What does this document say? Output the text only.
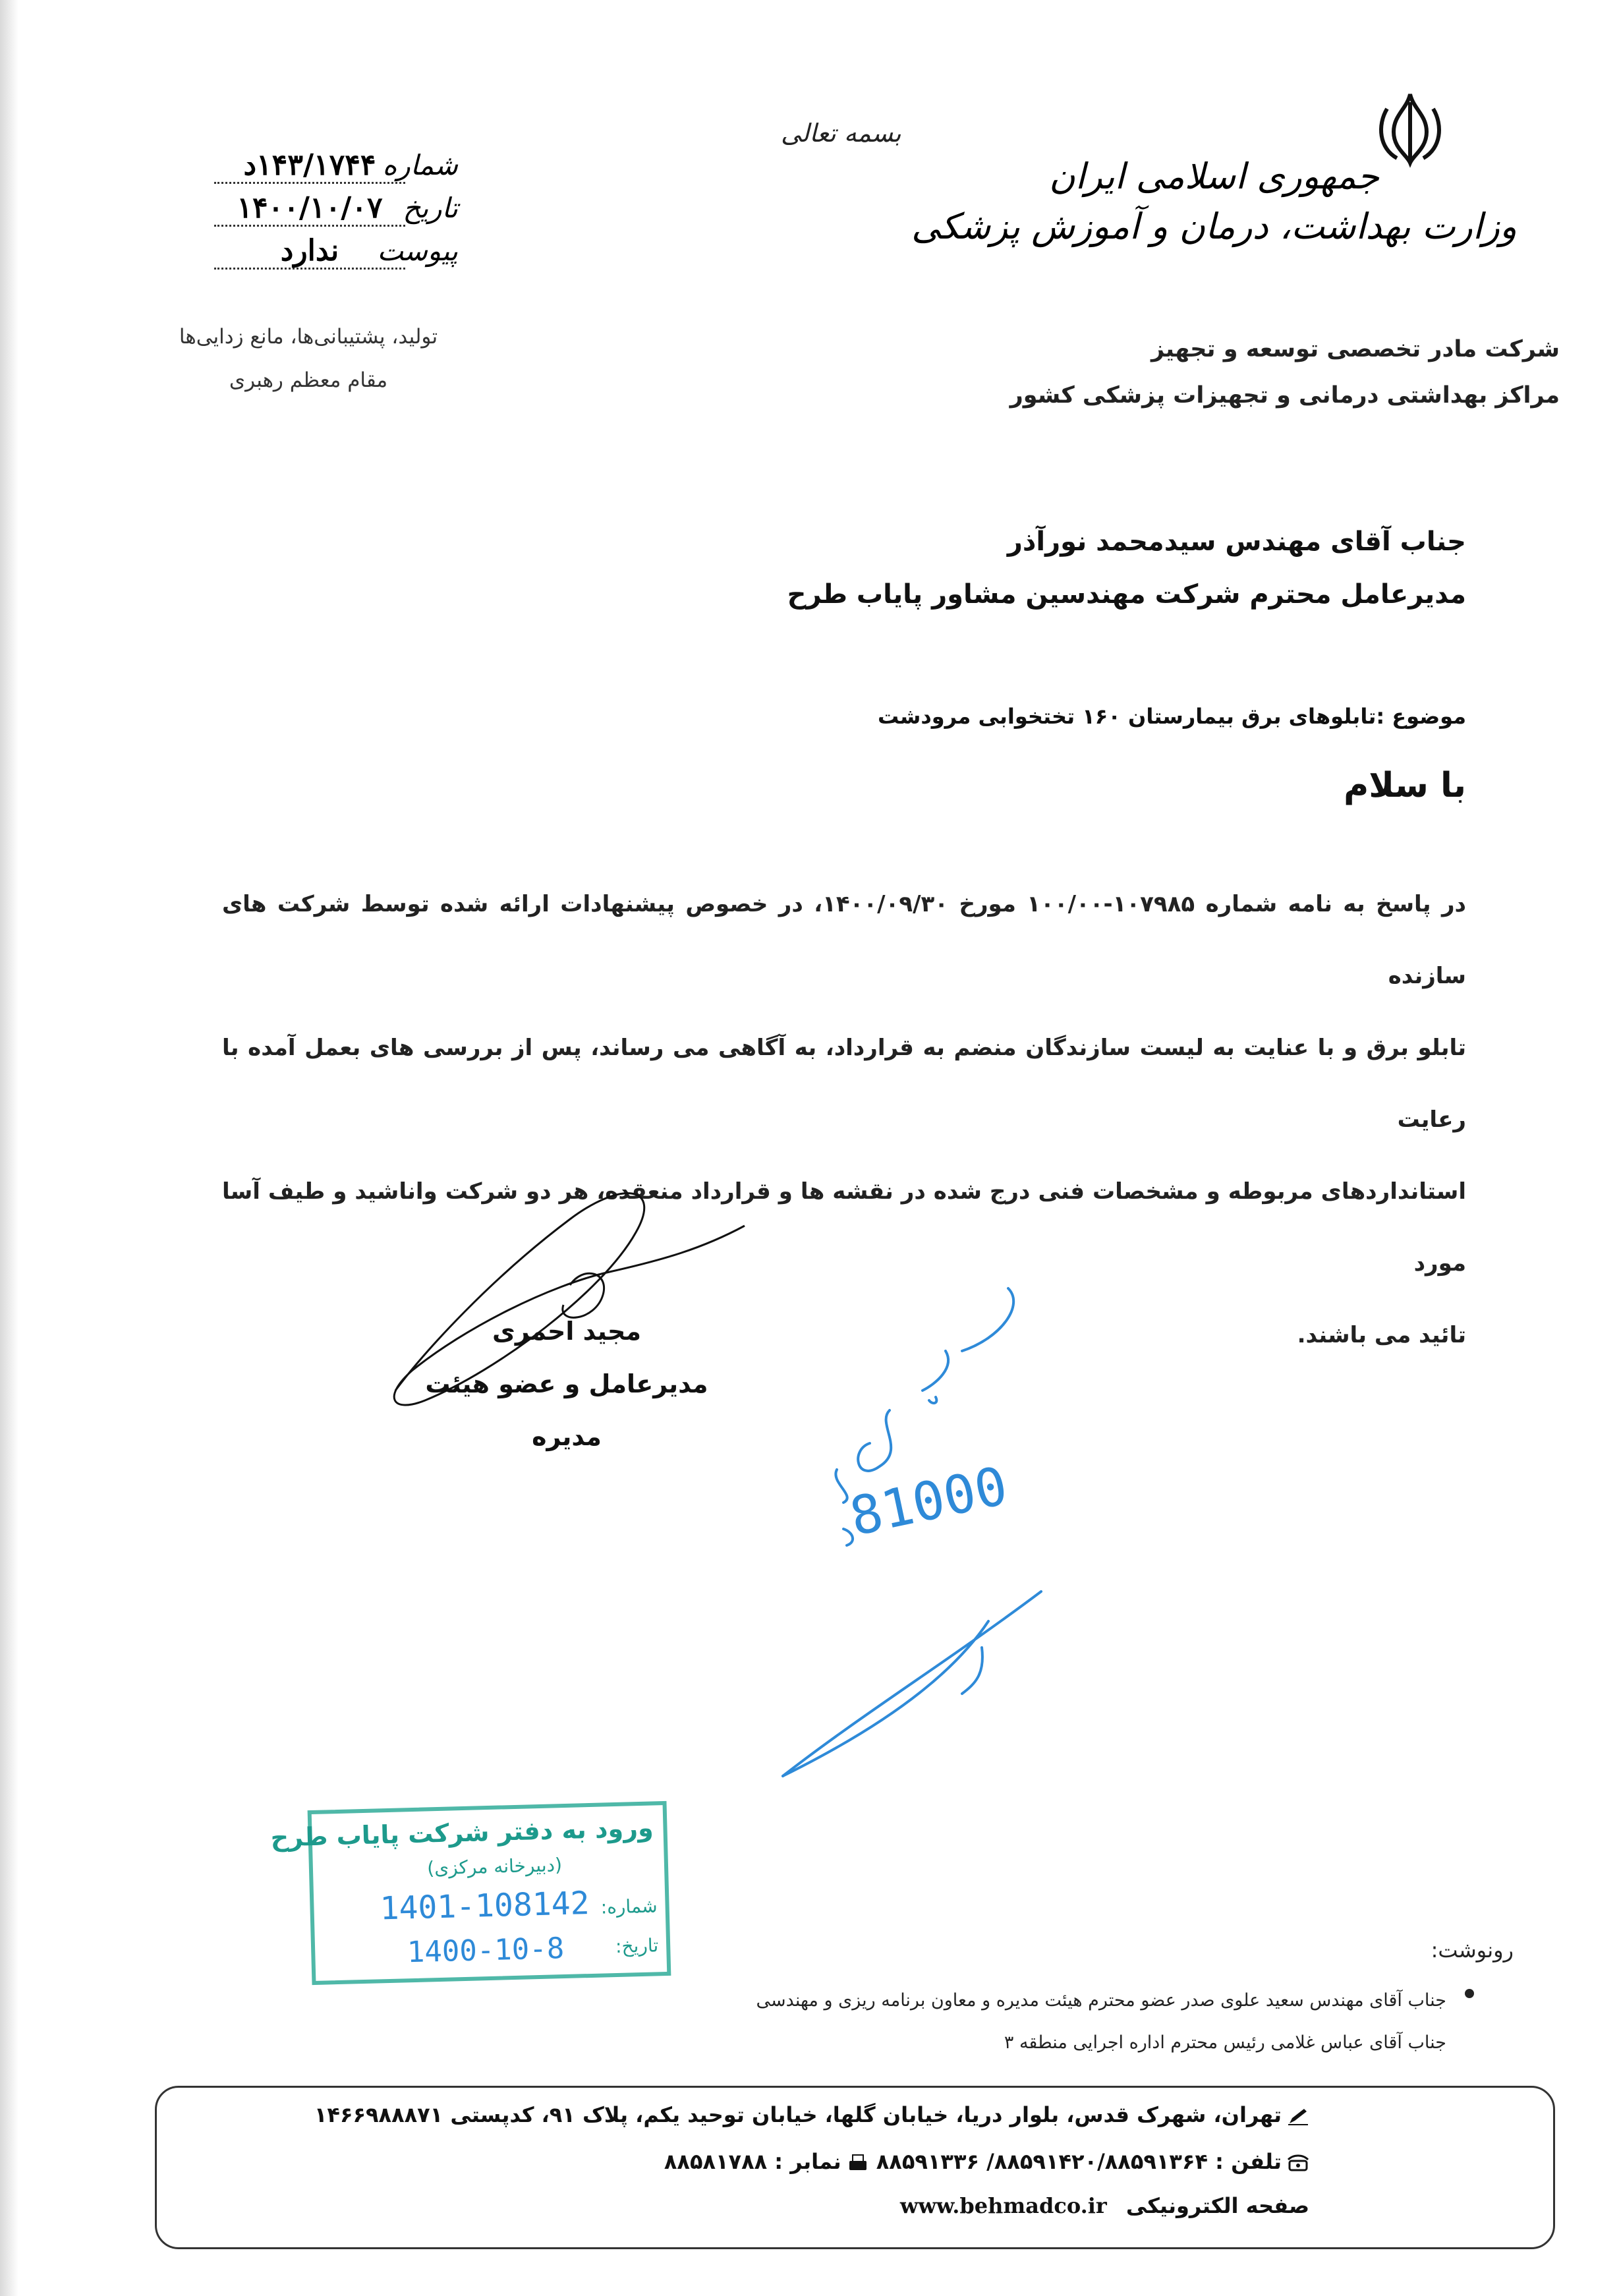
جمهوری اسلامی ایران
وزارت بهداشت، درمان و آموزش پزشکی
شرکت مادر تخصصی توسعه و تجهیز
مراکز بهداشتی درمانی و تجهیزات پزشکی کشور
بسمه تعالی
شماره
۱۴۳/۱۷۴۴د
تاریخ
۱۴۰۰/۱۰/۰۷
پیوست
ندارد
تولید، پشتیبانی‌ها، مانع زدایی‌ها
مقام معظم رهبری
جناب آقای مهندس سیدمحمد نورآذر
مدیرعامل محترم شرکت مهندسین مشاور پایاب طرح
موضوع :تابلوهای برق بیمارستان ۱۶۰ تختخوابی مرودشت
با سلام

در پاسخ به نامه شماره ۱۰۷۹۸۵-۱۰۰/۰۰ مورخ ۱۴۰۰/۰۹/۳۰، در خصوص پیشنهادات ارائه شده توسط شرکت های سازنده

تابلو برق و با عنایت به لیست سازندگان منضم به قرارداد، به آگاهی می رساند، پس از بررسی های بعمل آمده با رعایت

استانداردهای مربوطه و مشخصات فنی درج شده در نقشه ها و قرارداد منعقده، هر دو شرکت واناشید و طیف آسا مورد

تائید می باشند.

مجید احمری
مدیرعامل و عضو هیئت مدیره
81000
ورود به دفتر شرکت پایاب طرح
(دبیرخانه مرکزی)
شماره:
تاریخ:
1401-108142
1400-10-8	رونوشت:
جناب آقای مهندس سعید علوی صدر عضو محترم هیئت مدیره و معاون برنامه ریزی و مهندسی
جناب آقای عباس غلامی رئیس محترم اداره اجرایی منطقه ۳
تهران، شهرک قدس، بلوار دریا، خیابان گلها، خیابان توحید یکم، پلاک ۹۱، کدپستی ۱۴۶۶۹۸۸۸۷۱
تلفن : ۸۸۵۹۱۴۲۰/۸۸۵۹۱۳۶۴/ ۸۸۵۹۱۳۳۶ نمابر : ۸۸۵۸۱۷۸۸
صفحه الکترونیکی www.behmadco.ir
